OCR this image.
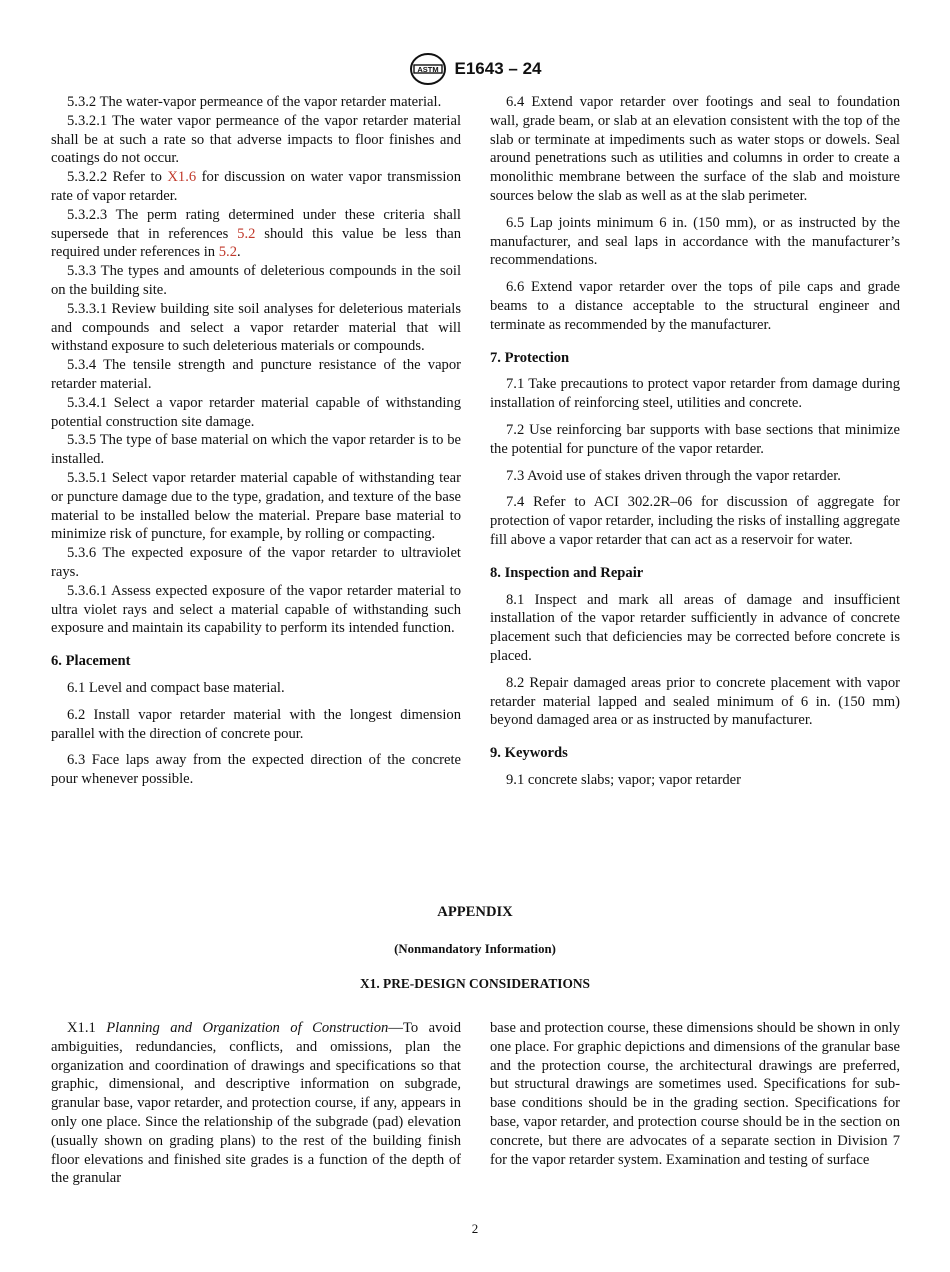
ASTM E1643 – 24

5.3.2 The water-vapor permeance of the vapor retarder material.

5.3.2.1 The water vapor permeance of the vapor retarder material shall be at such a rate so that adverse impacts to floor finishes and coatings do not occur.

5.3.2.2 Refer to X1.6 for discussion on water vapor transmission rate of vapor retarder.

5.3.2.3 The perm rating determined under these criteria shall supersede that in references 5.2 should this value be less than required under references in 5.2.

5.3.3 The types and amounts of deleterious compounds in the soil on the building site.

5.3.3.1 Review building site soil analyses for deleterious materials and compounds and select a vapor retarder material that will withstand exposure to such deleterious materials or compounds.

5.3.4 The tensile strength and puncture resistance of the vapor retarder material.

5.3.4.1 Select a vapor retarder material capable of withstanding potential construction site damage.

5.3.5 The type of base material on which the vapor retarder is to be installed.

5.3.5.1 Select vapor retarder material capable of withstanding tear or puncture damage due to the type, gradation, and texture of the base material to be installed below the material. Prepare base material to minimize risk of puncture, for example, by rolling or compacting.

5.3.6 The expected exposure of the vapor retarder to ultraviolet rays.

5.3.6.1 Assess expected exposure of the vapor retarder material to ultra violet rays and select a material capable of withstanding such exposure and maintain its capability to perform its intended function.

6. Placement

6.1 Level and compact base material.

6.2 Install vapor retarder material with the longest dimension parallel with the direction of concrete pour.

6.3 Face laps away from the expected direction of the concrete pour whenever possible.

6.4 Extend vapor retarder over footings and seal to foundation wall, grade beam, or slab at an elevation consistent with the top of the slab or terminate at impediments such as water stops or dowels. Seal around penetrations such as utilities and columns in order to create a monolithic membrane between the surface of the slab and moisture sources below the slab as well as at the slab perimeter.

6.5 Lap joints minimum 6 in. (150 mm), or as instructed by the manufacturer, and seal laps in accordance with the manufacturer’s recommendations.

6.6 Extend vapor retarder over the tops of pile caps and grade beams to a distance acceptable to the structural engineer and terminate as recommended by the manufacturer.

7. Protection

7.1 Take precautions to protect vapor retarder from damage during installation of reinforcing steel, utilities and concrete.

7.2 Use reinforcing bar supports with base sections that minimize the potential for puncture of the vapor retarder.

7.3 Avoid use of stakes driven through the vapor retarder.

7.4 Refer to ACI 302.2R–06 for discussion of aggregate for protection of vapor retarder, including the risks of installing aggregate fill above a vapor retarder that can act as a reservoir for water.

8. Inspection and Repair

8.1 Inspect and mark all areas of damage and insufficient installation of the vapor retarder sufficiently in advance of concrete placement such that deficiencies may be corrected before concrete is placed.

8.2 Repair damaged areas prior to concrete placement with vapor retarder material lapped and sealed minimum of 6 in. (150 mm) beyond damaged area or as instructed by manufacturer.

9. Keywords

9.1 concrete slabs; vapor; vapor retarder

APPENDIX
(Nonmandatory Information)
X1. PRE-DESIGN CONSIDERATIONS

X1.1 Planning and Organization of Construction—To avoid ambiguities, redundancies, conflicts, and omissions, plan the organization and coordination of drawings and specifications so that graphic, dimensional, and descriptive information on subgrade, granular base, vapor retarder, and protection course, if any, appears in only one place. Since the relationship of the subgrade (pad) elevation (usually shown on grading plans) to the rest of the building finish floor elevations and finished site grades is a function of the depth of the granular

base and protection course, these dimensions should be shown in only one place. For graphic depictions and dimensions of the granular base and the protection course, the architectural drawings are preferred, but structural drawings are sometimes used. Specifications for sub-base conditions should be in the grading section. Specifications for base, vapor retarder, and protection course should be in the section on concrete, but there are advocates of a separate section in Division 7 for the vapor retarder system. Examination and testing of surface

2
